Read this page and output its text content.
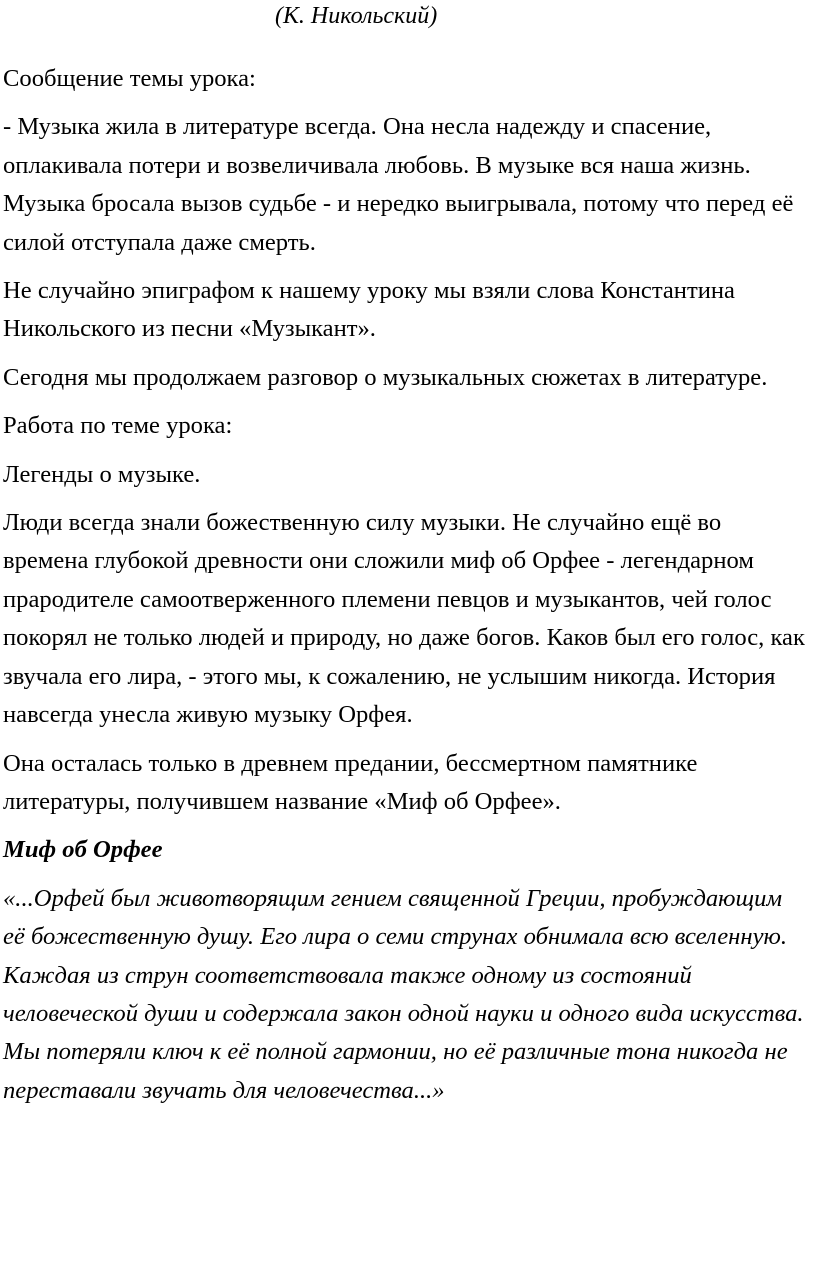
(К. Никольский)

Сообщение темы урока:

- Музыка жила в литературе всегда. Она несла надежду и спасение, оплакивала потери и возвеличивала любовь. В музыке вся наша жизнь. Музыка бросала вызов судьбе - и нередко выигрывала, потому что перед её силой отступала даже смерть.

Не случайно эпиграфом к нашему уроку мы взяли слова Константина Никольского из песни «Музыкант».

Сегодня мы продолжаем разговор о музыкальных сюжетах в литературе.

Работа по теме урока:

Легенды о музыке.

Люди всегда знали божественную силу музыки. Не случайно ещё во времена глубокой древности они сложили миф об Орфее - легендарном прародителе самоотверженного племени певцов и музыкантов, чей голос покорял не только людей и природу, но даже богов. Каков был его голос, как звучала его лира, - этого мы, к сожалению, не услышим никогда. История навсегда унесла живую музыку Орфея.

Она осталась только в древнем предании, бессмертном памятнике литературы, получившем название «Миф об Орфее».

Миф об Орфее

«...Орфей был животворящим гением священной Греции, пробуждающим её божественную душу. Его лира о семи струнах обнимала всю вселенную. Каждая из струн соответствовала также одному из состояний человеческой души и содержала закон одной науки и одного вида искусства. Мы потеряли ключ к её полной гармонии, но её различные тона никогда не переставали звучать для человечества...»
